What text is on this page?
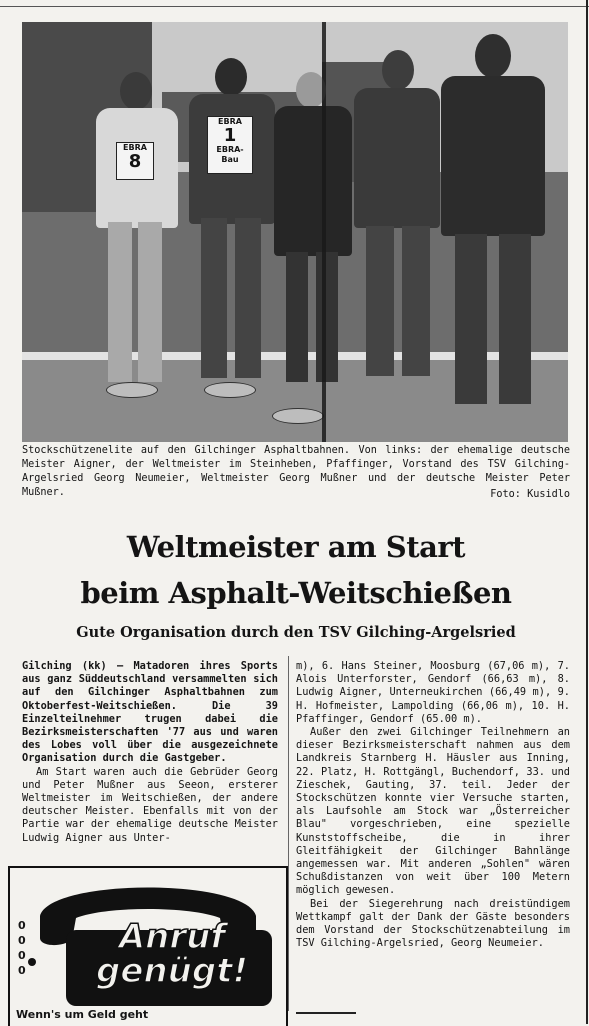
EBRA
8
EBRA
1
EBRA-Bau
Stockschützenelite auf den Gilchinger Asphaltbahnen. Von links: der ehemalige deutsche Meister Aigner, der Weltmeister im Steinheben, Pfaffinger, Vorstand des TSV Gilching-Argelsried Georg Neumeier, Weltmeister Georg Mußner und der deutsche Meister Peter Mußner.	Foto: Kusidlo
Weltmeister am Start
beim Asphalt-Weitschießen
Gute Organisation durch den TSV Gilching-Argelsried

Gilching (kk) — Matadoren ihres Sports aus ganz Süddeutschland versammelten sich auf den Gilchinger Asphaltbahnen zum Oktoberfest-Weitschießen. Die 39 Einzelteilnehmer trugen dabei die Bezirksmeisterschaften '77 aus und waren des Lobes voll über die ausgezeichnete Organisation durch die Gastgeber.

Am Start waren auch die Gebrüder Georg und Peter Mußner aus Seeon, ersterer Weltmeister im Weitschießen, der andere deutscher Meister. Ebenfalls mit von der Partie war der ehemalige deutsche Meister Ludwig Aigner aus Unter-

m), 6. Hans Steiner, Moosburg (67,06 m), 7. Alois Unterforster, Gendorf (66,63 m), 8. Ludwig Aigner, Unterneukirchen (66,49 m), 9. H. Hofmeister, Lampolding (66,06 m), 10. H. Pfaffinger, Gendorf (65.00 m).

Außer den zwei Gilchinger Teilnehmern an dieser Bezirksmeisterschaft nahmen aus dem Landkreis Starnberg H. Häusler aus Inning, 22. Platz, H. Rottgängl, Buchendorf, 33. und Zieschek, Gauting, 37. teil. Jeder der Stockschützen konnte vier Versuche starten, als Laufsohle am Stock war „Österreicher Blau" vorgeschrieben, eine spezielle Kunststoffscheibe, die in ihrer Gleitfähigkeit der Gilchinger Bahnlänge angemessen war. Mit anderen „Sohlen" wären Schußdistanzen von weit über 100 Metern möglich gewesen.

Bei der Siegerehrung nach dreistündigem Wettkampf galt der Dank der Gäste besonders dem Vorstand der Stockschützenabteilung im TSV Gilching-Argelsried, Georg Neumeier.

0
0
0
0
Anruf
genügt!
Wenn's um Geld geht
